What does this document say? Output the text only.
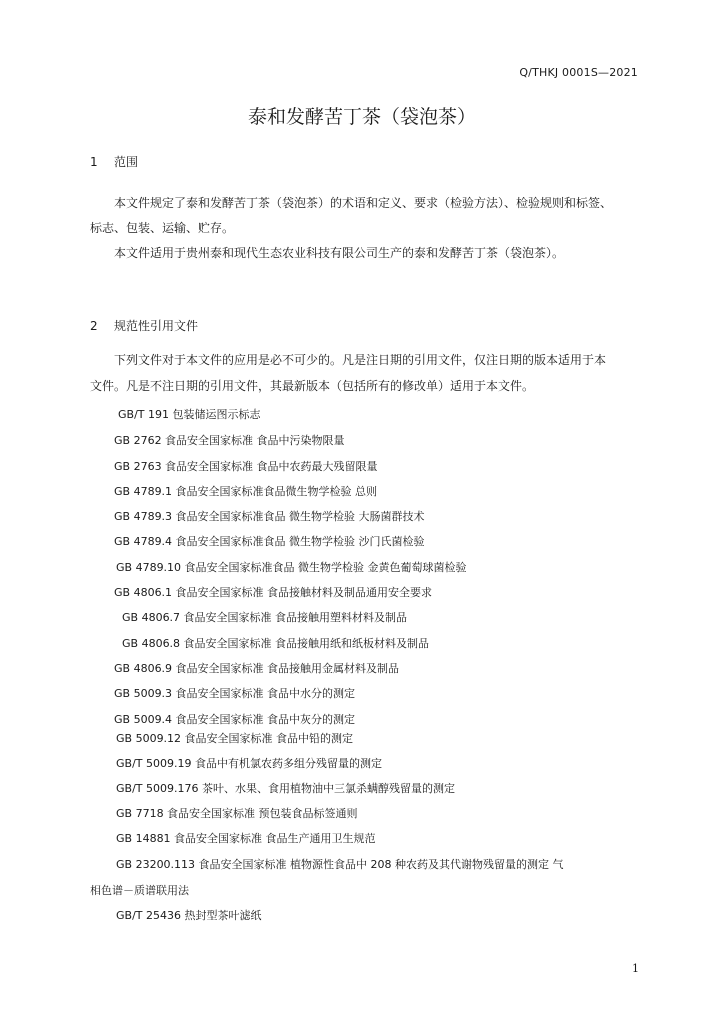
Q/THKJ 0001S—2021
泰和发酵苦丁茶（袋泡茶）
1 范围
本文件规定了泰和发酵苦丁茶（袋泡茶）的术语和定义、要求（检验方法）、检验规则和标签、
标志、包装、运输、贮存。
本文件适用于贵州泰和现代生态农业科技有限公司生产的泰和发酵苦丁茶（袋泡茶）。
2 规范性引用文件
下列文件对于本文件的应用是必不可少的。凡是注日期的引用文件，仅注日期的版本适用于本
文件。凡是不注日期的引用文件，其最新版本（包括所有的修改单）适用于本文件。
GB/T 191 包装储运图示标志
GB 2762 食品安全国家标准 食品中污染物限量
GB 2763 食品安全国家标准 食品中农药最大残留限量
GB 4789.1 食品安全国家标准食品微生物学检验 总则
GB 4789.3 食品安全国家标准食品 微生物学检验 大肠菌群技术
GB 4789.4 食品安全国家标准食品 微生物学检验 沙门氏菌检验
GB 4789.10 食品安全国家标准食品 微生物学检验 金黄色葡萄球菌检验
GB 4806.1 食品安全国家标准 食品接触材料及制品通用安全要求
GB 4806.7 食品安全国家标准 食品接触用塑料材料及制品
GB 4806.8 食品安全国家标准 食品接触用纸和纸板材料及制品
GB 4806.9 食品安全国家标准 食品接触用金属材料及制品
GB 5009.3 食品安全国家标准 食品中水分的测定
GB 5009.4 食品安全国家标准 食品中灰分的测定
GB 5009.12 食品安全国家标准 食品中铅的测定
GB/T 5009.19 食品中有机氯农药多组分残留量的测定
GB/T 5009.176 茶叶、水果、食用植物油中三氯杀螨醇残留量的测定
GB 7718 食品安全国家标准 预包装食品标签通则
GB 14881 食品安全国家标准 食品生产通用卫生规范
GB 23200.113 食品安全国家标准 植物源性食品中 208 种农药及其代谢物残留量的测定 气
相色谱－质谱联用法
GB/T 25436 热封型茶叶滤纸
1
